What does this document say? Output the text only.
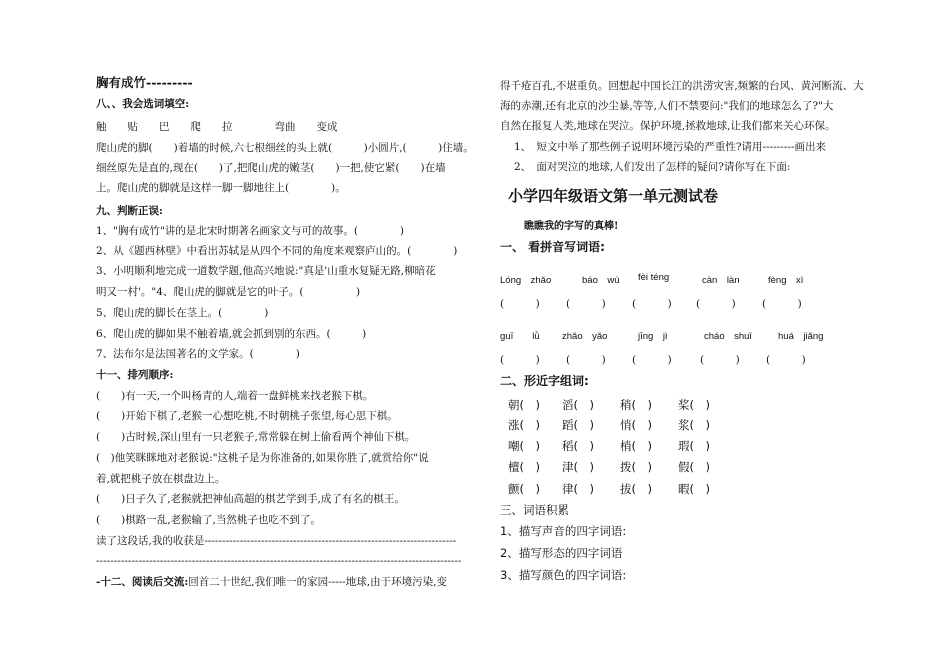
胸有成竹---------
八、、我会选词填空:
触　　贴　　巴　　爬　　拉　　　　弯曲　　变成
爬山虎的脚(　　)着墙的时候,六七根细丝的头上就(　　　)小圆片,(　　　)住墙。
细丝原先是直的,现在(　　)了,把爬山虎的嫩茎(　　)一把,使它紧(　　)在墙
上。爬山虎的脚就是这样一脚一脚地往上(　　　　)。
九、判断正误:
1、"胸有成竹"讲的是北宋时期著名画家文与可的故事。(　　　　)
2、从《题西林壁》中看出苏轼是从四个不同的角度来观察庐山的。(　　　　)
3、小明顺利地完成一道数学题,他高兴地说:"真是'山重水复疑无路,柳暗花
明又一村'。"4、爬山虎的脚就是它的叶子。(　　　　　)
5、爬山虎的脚长在茎上。(　　　　)
6、爬山虎的脚如果不触着墙,就会抓到别的东西。(　　　)
7、法布尔是法国著名的文学家。(　　　　)
十一、排列顺序:
(　　)有一天,一个叫杨青的人,端着一盘鲜桃来找老猴下棋。
(　　)开始下棋了,老猴一心想吃桃,不时朝桃子张望,每心思下棋。
(　　)古时候,深山里有一只老猴子,常常躲在树上偷看两个神仙下棋。
(　)他笑眯眯地对老猴说:"这桃子是为你准备的,如果你胜了,就赏给你"说
着,就把桃子放在棋盘边上。
(　　)日子久了,老猴就把神仙高超的棋艺学到手,成了有名的棋王。
(　　)棋路一乱,老猴输了,当然桃子也吃不到了。
读了这段话,我的收获是-----------------------------------------------------------------------
-------------------------------------------------------------------------------------------------------
-十二、阅读后交流:回首二十世纪,我们唯一的家园-----地球,由于环境污染,变
得千疮百孔,不堪重负。回想起中国长江的洪涝灾害,频繁的台风、黄河断流、大
海的赤潮,还有北京的沙尘暴,等等,人们不禁要问:"我们的地球怎么了?"大
自然在报复人类,地球在哭泣。保护环境,拯救地球,让我们都来关心环保。
1、　短文中举了那些例子说明环境污染的严重性?请用---------画出来
2、　面对哭泣的地球,人们发出了怎样的疑问?请你写在下面:
小学四年级语文第一单元测试卷
瞧瞧我的字写的真棒!
一、 看拼音写词语:
Lóng　zhǎo	báo　wù fèi téng	càn　làn	fèng　xì
(　　　)	(　　　)	(　　　) (　　　)	(　　　)
guī　　lǜ zhǎo　yǎo	jīng　jì	cháo　shuǐ	huá　jiǎng
(　　　)	(　　　)	(　　　)	(　　　)	(　　　)
二、形近字组词:
朝(　) 滔(　) 稍(　) 桨(　)
涨(　) 蹈(　) 悄(　) 浆(　)
嘲(　) 稻(　) 梢(　) 瑕(　)
檀(　) 津(　) 拨(　) 假(　)
颤(　) 律(　) 拔(　) 暇(　)
三、词语积累
1、描写声音的四字词语:
2、描写形态的四字词语
3、描写颜色的四字词语:
